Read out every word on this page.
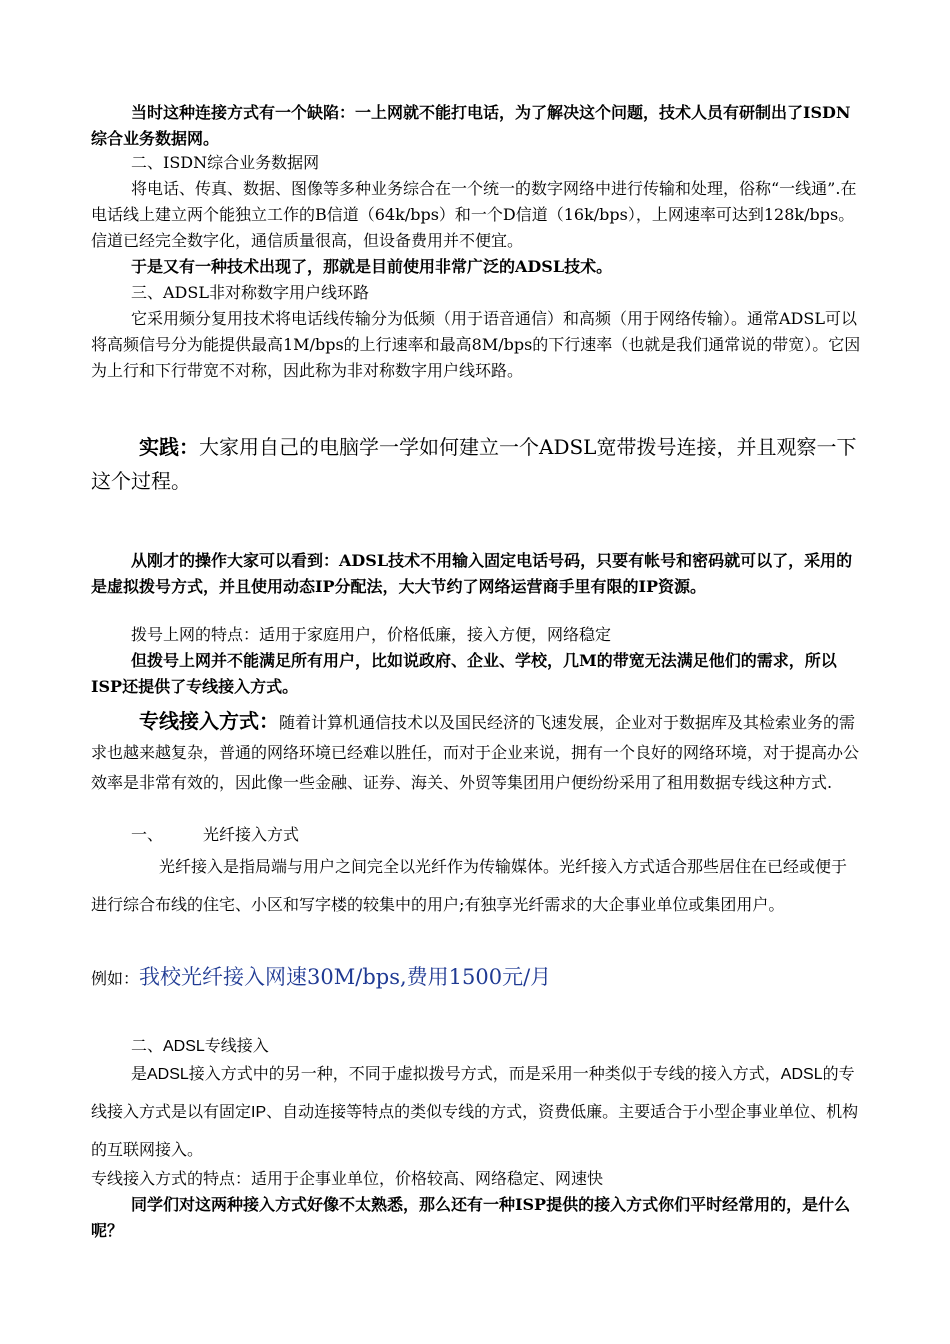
当时这种连接方式有一个缺陷：一上网就不能打电话，为了解决这个问题，技术人员有研制出了ISDN综合业务数据网。

二、ISDN综合业务数据网

将电话、传真、数据、图像等多种业务综合在一个统一的数字网络中进行传输和处理，俗称“一线通”.在电话线上建立两个能独立工作的B信道（64k/bps）和一个D信道（16k/bps），上网速率可达到128k/bps。信道已经完全数字化，通信质量很高，但设备费用并不便宜。

于是又有一种技术出现了，那就是目前使用非常广泛的ADSL技术。

三、ADSL非对称数字用户线环路

它采用频分复用技术将电话线传输分为低频（用于语音通信）和高频（用于网络传输）。通常ADSL可以将高频信号分为能提供最高1M/bps的上行速率和最高8M/bps的下行速率（也就是我们通常说的带宽）。它因为上行和下行带宽不对称，因此称为非对称数字用户线环路。

实践：大家用自己的电脑学一学如何建立一个ADSL宽带拨号连接，并且观察一下这个过程。

从刚才的操作大家可以看到：ADSL技术不用输入固定电话号码，只要有帐号和密码就可以了，采用的是虚拟拨号方式，并且使用动态IP分配法，大大节约了网络运营商手里有限的IP资源。

拨号上网的特点：适用于家庭用户，价格低廉，接入方便，网络稳定

但拨号上网并不能满足所有用户，比如说政府、企业、学校，几M的带宽无法满足他们的需求，所以ISP还提供了专线接入方式。

专线接入方式：随着计算机通信技术以及国民经济的飞速发展，企业对于数据库及其检索业务的需求也越来越复杂，普通的网络环境已经难以胜任，而对于企业来说，拥有一个良好的网络环境，对于提高办公效率是非常有效的，因此像一些金融、证券、海关、外贸等集团用户便纷纷采用了租用数据专线这种方式.

一、	光纤接入方式

光纤接入是指局端与用户之间完全以光纤作为传输媒体。光纤接入方式适合那些居住在已经或便于进行综合布线的住宅、小区和写字楼的较集中的用户;有独享光纤需求的大企事业单位或集团用户。

例如：我校光纤接入网速30M/bps,费用1500元/月

二、ADSL专线接入

是ADSL接入方式中的另一种，不同于虚拟拨号方式，而是采用一种类似于专线的接入方式，ADSL的专线接入方式是以有固定IP、自动连接等特点的类似专线的方式，资费低廉。主要适合于小型企事业单位、机构的互联网接入。

专线接入方式的特点：适用于企事业单位，价格较高、网络稳定、网速快

同学们对这两种接入方式好像不太熟悉，那么还有一种ISP提供的接入方式你们平时经常用的，是什么呢？
